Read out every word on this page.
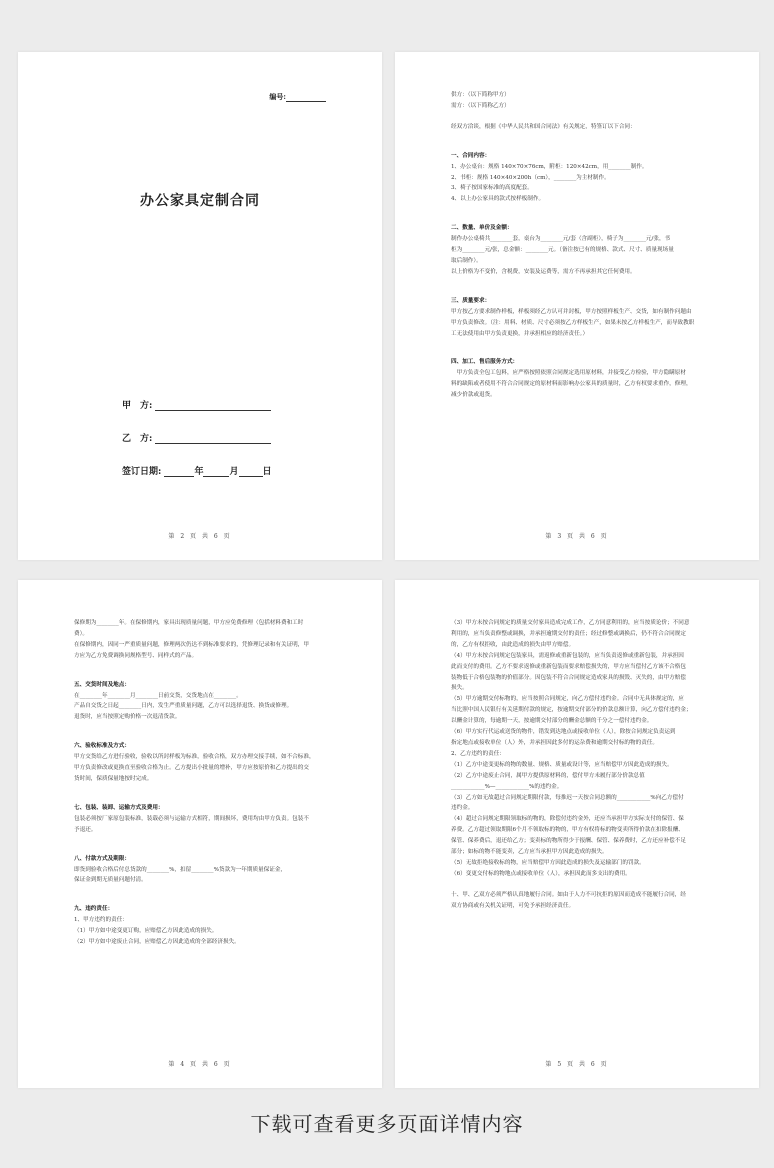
编号:
办公家具定制合同
甲　方:
乙　方:
签订日期:	年	月	日
第 2 页 共 6 页

供方：（以下简称甲方）

需方：（以下简称乙方）

经双方洽谈，根据《中华人民共和国合同法》有关规定，特签订以下合同：

一、合同内容：

1、办公桌台：规格 140×70×76cm，附柜：120×42cm，用________制作。

2、书柜：规格 140×40×200h（cm），________为主材制作。

3、椅子按国家标准的高度配套。

4、以上办公家具的款式按样板制作。

二、数量、单价及金额：

制作办公桌椅共________套，桌台为________元/套（含副柜），椅子为________元/张，书

柜为________元/张，总金额：________元。（备注按已有的规格、款式、尺寸、质量现场量

取后制作）。

以上价格为不变价，含税费，安装及运费等，需方不再承担其它任何费用。

三、质量要求：

甲方按乙方要求制作样板，样板须经乙方认可并封板，甲方按照样板生产、交货，如有制作问题由

甲方负责修改。（注：用料、材质、尺寸必须按乙方样板生产，如果未按乙方样板生产，而导致教职

工无法使用由甲方负责更换，并承担相应的经济责任。）

四、加工、售后服务方式：

　甲方负责全包工包料，应严格按照依照合同规定选用原材料，并接受乙方检验，甲方隐瞒原材

料的缺陷或者使用不符合合同规定的原材料而影响办公家具的质量时，乙方有权要求重作，修理，

减少价款或退货。

第 3 页 共 6 页

保修期为________年。在保修期内，家具出现质量问题，甲方应免费修理（包括材料费和工时

费）。

在保修期内，因同一严重质量问题，修理两次仍达不到标准要求的，凭修理记录和有关证明，甲

方应为乙方免费调换同规格型号、同样式的产品。

五、交货时间及地点：

在________年________月________日前交货，交货地点在________。

产品自交货之日起________日内，发生严重质量问题，乙方可以选择退货、换货或修理。

退货时，应当按照定购价格一次退清货款。

六、验收标准及方式：

甲方交货给乙方进行验收，验收以所封样板为标准，验收合格，双方办理交接手续，如不合标准，

甲方负责修改或更换直至验收合格为止。乙方提出小批量的增补，甲方应按原价和乙方提出的交

货时间，保质保量地按时完成。

七、包装、装卸、运输方式及费用：

包装必须按厂家原包装标准，装载必须与运输方式相符，期间损坏，费用均由甲方负责。包装不

予退还。

八、付款方式及期限：

即货到验收合格后付总货款的________%，扣留________%货款为一年期质量保证金，

保证金到期无质量问题付清。

九、违约责任：

1、甲方违约的责任：

（1）甲方如中途变更订购，应赔偿乙方因此造成的损失。

（2）甲方如中途废止合同，应赔偿乙方因此造成的全部经济损失。

第 4 页 共 6 页

（3）甲方未按合同规定的质量交付家具造成完成工作，乙方同意利用的，应当按质论价；不同意

利用的，应当负责修整或调换，并承担逾期交付的责任；经过修整或调换后，仍不符合合同规定

的，乙方有权拒收，由此造成的损失由甲方赔偿。

（4）甲方未按合同规定包装家具，需返修或重新包装的，应当负责返修或重新包装，并承担因

此而支付的费用。乙方不要求返修或重新包装而要求赔偿损失的，甲方应当偿付乙方该不合格包

装物低于合格包装物的价值部分。因包装不符合合同规定造成家具的损毁、灭失的，由甲方赔偿

损失。

（5）甲方逾期交付标物的，应当按照合同规定，向乙方偿付违约金。合同中无具体规定的，应

当比照中国人民银行有关延期付款的规定，按逾期交付部分的价款总额计算，向乙方偿付违约金；

以酬金计算的，每逾期一天，按逾期交付部分的酬金总额的千分之一偿付违约金。

（6）甲方实行代运或送货的物件，错发到达地点或接收单位（人），除按合同规定负责运到

指定地点或接收单位（人）外，并承担因此多付的运杂费和逾期交付标的物的责任。

2、乙方违约的责任：

（1）乙方中途变更标的物的数量、规格、质量或设计等，应当赔偿甲方因此造成的损失。

（2）乙方中途废止合同，属甲方提供原材料的，偿付甲方未履行部分价款总值

____________%—____________%的违约金。

（3）乙方如无故超过合同规定期限付款，每推迟一天按合同总额的____________%向乙方偿付

违约金。

（4）超过合同规定期限领取标的物的，除偿付违约金外，还应当承担甲方实际支付的保管、保

养费。乙方超过领取期限6个月不领取标的物的，甲方有权将标的物变卖所得价款在扣除报酬、

保管、保养费后，退还给乙方；变卖标的物所得少于报酬、保管、保养费时，乙方还应补偿不足

部分；如标的物不能变卖，乙方应当承担甲方因此造成的损失。

（5）无故拒绝接收标的物，应当赔偿甲方因此造成的损失及运输部门的罚款。

（6）变更交付标的物地点或接收单位（人），承担因此而多支出的费用。

十、甲、乙双方必须严格认真地履行合同。如由于人力不可抗拒的原因而造成不能履行合同，经

双方协商或有关机关证明，可免予承担经济责任。

第 5 页 共 6 页
下载可查看更多页面详情内容
